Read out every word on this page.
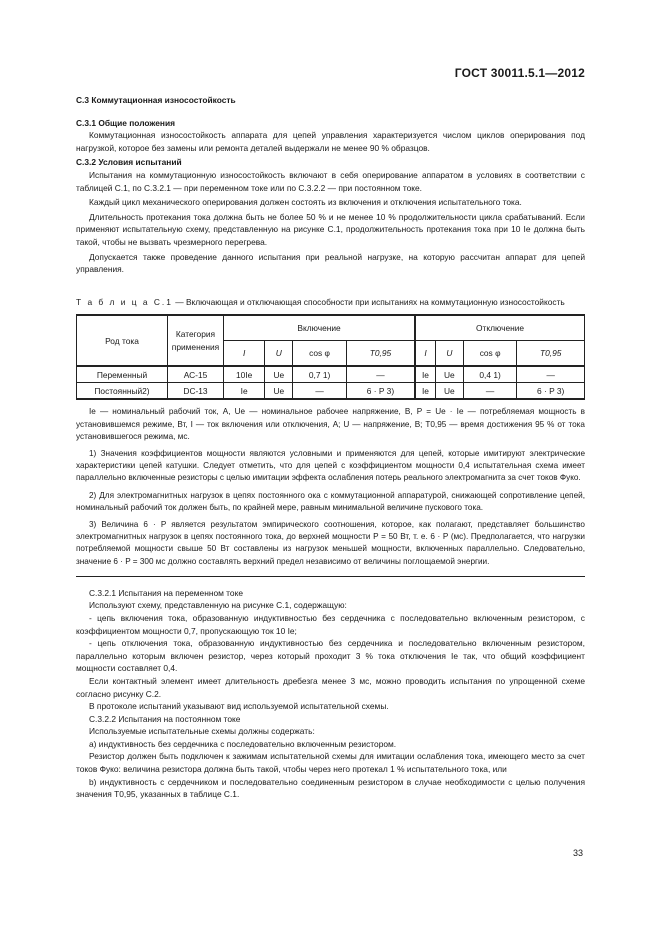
ГОСТ 30011.5.1—2012
С.3 Коммутационная износостойкость
С.3.1 Общие положения

Коммутационная износостойкость аппарата для цепей управления характеризуется числом циклов оперирования под нагрузкой, которое без замены или ремонта деталей выдержали не менее 90 % образцов.

С.3.2 Условия испытаний

Испытания на коммутационную износостойкость включают в себя оперирование аппаратом в условиях в соответствии с таблицей С.1, по С.3.2.1 — при переменном токе или по С.3.2.2 — при постоянном токе.

Каждый цикл механического оперирования должен состоять из включения и отключения испытательного тока.

Длительность протекания тока должна быть не более 50 % и не менее 10 % продолжительности цикла срабатываний. Если применяют испытательную схему, представленную на рисунке С.1, продолжительность протекания тока при 10 Iе должна быть такой, чтобы не вызвать чрезмерного перегрева.

Допускается также проведение данного испытания при реальной нагрузке, на которую рассчитан аппарат для цепей управления.

Т а б л и ц а С.1 — Включающая и отключающая способности при испытаниях на коммутационную износостойкость
Род тока	Категория применения	Включение				Отключение			
		I	U	cos φ	T0,95	I	U	cos φ	T0,95
Переменный	АС-15	10Iе	Uе	0,7 1)	—	Iе	Uе	0,4 1)	—
Постоянный2)	DC-13	Iе	Uе	—	6 · P 3)	Iе	Uе	—	6 · P 3)

Iе — номинальный рабочий ток, А, Uе — номинальное рабочее напряжение, В, P = Uе · Iе — потребляемая мощность в установившемся режиме, Вт, I — ток включения или отключения, А; U — напряжение, В; T0,95 — время достижения 95 % от тока установившегося режима, мс.

1) Значения коэффициентов мощности являются условными и применяются для цепей, которые имитируют электрические характеристики цепей катушки. Следует отметить, что для цепей с коэффициентом мощности 0,4 испытательная схема имеет параллельно включенные резисторы с целью имитации эффекта ослабления потерь реального электромагнита за счет токов Фуко.

2) Для электромагнитных нагрузок в цепях постоянного ока с коммутационной аппаратурой, снижающей сопротивление цепей, номинальный рабочий ток должен быть, по крайней мере, равным минимальной величине пускового тока.

3) Величина 6 · P является результатом эмпирического соотношения, которое, как полагают, представляет большинство электромагнитных нагрузок в цепях постоянного тока, до верхней мощности P = 50 Вт, т. е. 6 · P (мс). Предполагается, что нагрузки потребляемой мощности свыше 50 Вт составлены из нагрузок меньшей мощности, включенных параллельно. Следовательно, значение 6 · P = 300 мс должно составлять верхний предел независимо от величины поглощаемой энергии.

С.3.2.1 Испытания на переменном токе

Используют схему, представленную на рисунке С.1, содержащую:

- цепь включения тока, образованную индуктивностью без сердечника с последовательно включенным резистором, с коэффициентом мощности 0,7, пропускающую ток 10 Iе;

- цепь отключения тока, образованную индуктивностью без сердечника и последовательно включенным резистором, параллельно которым включен резистор, через который проходит 3 % тока отключения Iе так, что общий коэффициент мощности составляет 0,4.

Если контактный элемент имеет длительность дребезга менее 3 мс, можно проводить испытания по упрощенной схеме согласно рисунку С.2.

В протоколе испытаний указывают вид используемой испытательной схемы.

С.3.2.2 Испытания на постоянном токе

Используемые испытательные схемы должны содержать:

а) индуктивность без сердечника с последовательно включенным резистором.

Резистор должен быть подключен к зажимам испытательной схемы для имитации ослабления тока, имеющего место за счет токов Фуко: величина резистора должна быть такой, чтобы через него протекал 1 % испытательного тока, или

b) индуктивность с сердечником и последовательно соединенным резистором в случае необходимости с целью получения значения T0,95, указанных в таблице С.1.

33
